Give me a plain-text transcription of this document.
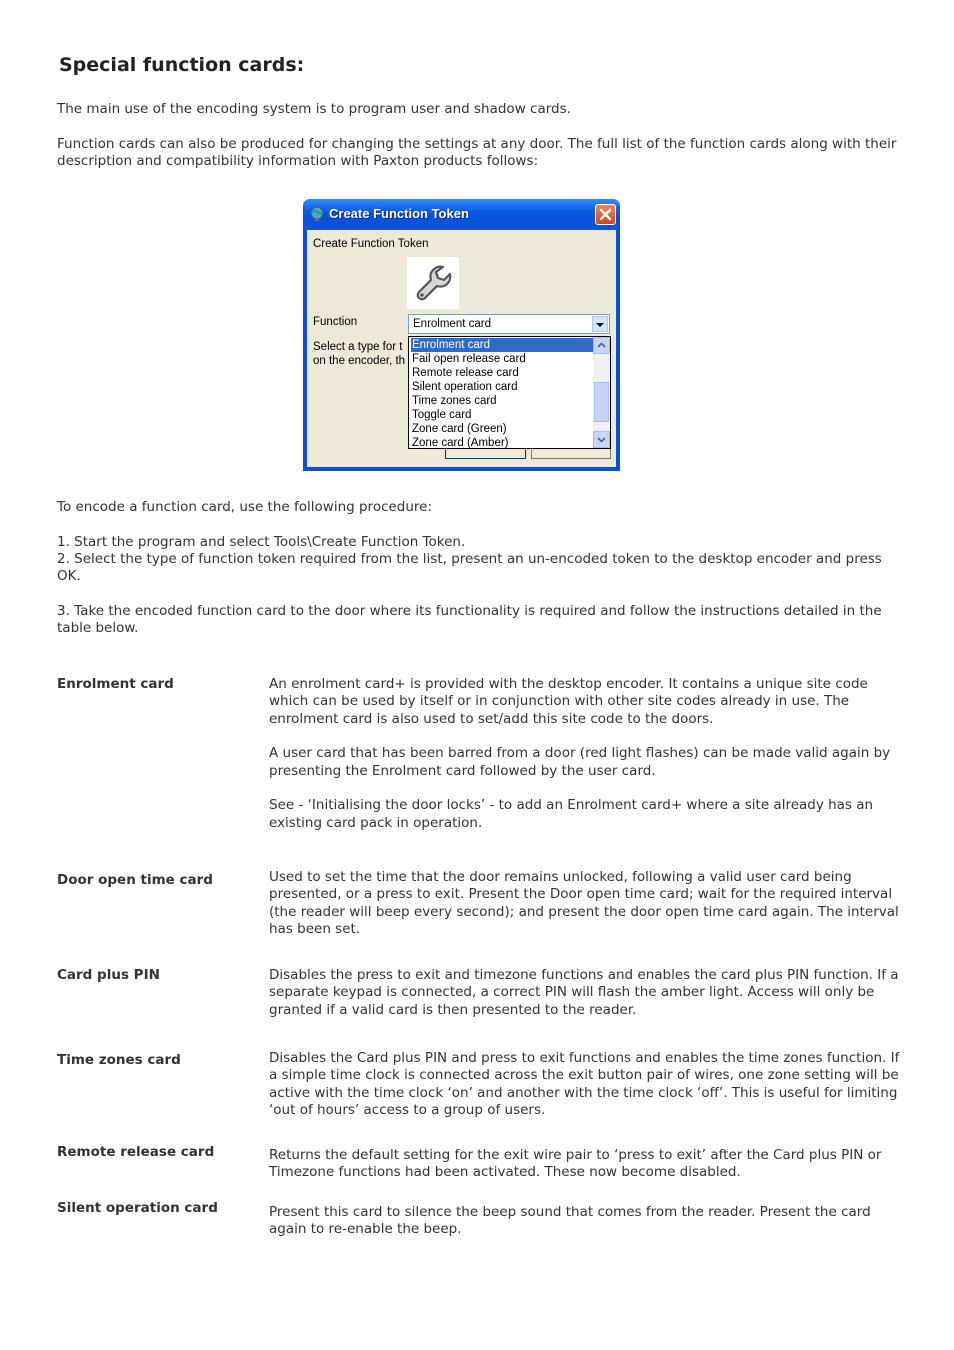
Special function cards:
The main use of the encoding system is to program user and shadow cards.
Function cards can also be produced for changing the settings at any door. The full list of the function cards along with their description and compatibility information with Paxton products follows:
Create Function Token
Create Function Token
Function
Select a type for t
on the encoder, th
Enrolment card
Enrolment card
Fail open release card
Remote release card
Silent operation card
Time zones card
Toggle card
Zone card (Green)
Zone card (Amber)
To encode a function card, use the following procedure:
1. Start the program and select Tools\Create Function Token.
2. Select the type of function token required from the list, present an un-encoded token to the desktop encoder and press OK.
3. Take the encoded function card to the door where its functionality is required and follow the instructions detailed in the table below.
Enrolment card	An enrolment card+ is provided with the desktop encoder. It contains a unique site code which can be used by itself or in conjunction with other site codes already in use. The enrolment card is also used to set/add this site code to the doors.

A user card that has been barred from a door (red light flashes) can be made valid again by presenting the Enrolment card followed by the user card.

See - ‘Initialising the door locks’ - to add an Enrolment card+ where a site already has an existing card pack in operation.

Door open time card	Used to set the time that the door remains unlocked, following a valid user card being presented, or a press to exit. Present the Door open time card; wait for the required interval (the reader will beep every second); and present the door open time card again. The interval has been set.

Card plus PIN	Disables the press to exit and timezone functions and enables the card plus PIN function. If a separate keypad is connected, a correct PIN will flash the amber light. Access will only be granted if a valid card is then presented to the reader.

Time zones card	Disables the Card plus PIN and press to exit functions and enables the time zones function. If a simple time clock is connected across the exit button pair of wires, one zone setting will be active with the time clock ‘on’ and another with the time clock ‘off’. This is useful for limiting ‘out of hours’ access to a group of users.

Remote release card	Returns the default setting for the exit wire pair to ‘press to exit’ after the Card plus PIN or Timezone functions had been activated. These now become disabled.

Silent operation card	Present this card to silence the beep sound that comes from the reader. Present the card again to re-enable the beep.
